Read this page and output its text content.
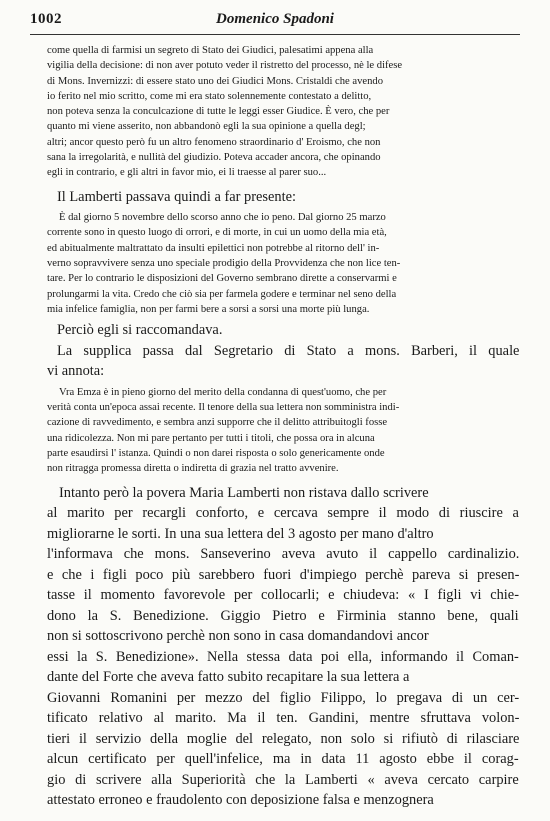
1002	Domenico Spadoni
come quella di farmisi un segreto di Stato dei Giudici, palesatimi appena alla
vigilia della decisione: di non aver potuto veder il ristretto del processo, nè le difese
di Mons. Invernizzi: di essere stato uno dei Giudici Mons. Cristaldi che avendo
io ferito nel mio scritto, come mi era stato solennemente contestato a delitto,
non poteva senza la conculcazione di tutte le leggi esser Giudice. È vero, che per
quanto mi viene asserito, non abbandonò egli la sua opinione a quella degl;
altri; ancor questo però fu un altro fenomeno straordinario d' Eroismo, che non
sana la irregolarità, e nullità del giudizio. Poteva accader ancora, che opinando
egli in contrario, e gli altri in favor mio, ei li traesse al parer suo...
Il Lamberti passava quindi a far presente:
È dal giorno 5 novembre dello scorso anno che io peno. Dal giorno 25 marzo
corrente sono in questo luogo di orrori, e di morte, in cui un uomo della mia età,
ed abitualmente maltrattato da insulti epilettici non potrebbe al ritorno dell' in-
verno sopravvivere senza uno speciale prodigio della Provvidenza che non lice ten-
tare. Per lo contrario le disposizioni del Governo sembrano dirette a conservarmi e
prolungarmi la vita. Credo che ciò sia per farmela godere e terminar nel seno della
mia infelice famiglia, non per farmi bere a sorsi a sorsi una morte più lunga.
Perciò egli si raccomandava.
La supplica passa dal Segretario di Stato a mons. Barberi, il quale
vi annota:
Vra Emza è in pieno giorno del merito della condanna di quest'uomo, che per
verità conta un'epoca assai recente. Il tenore della sua lettera non somministra indi-
cazione di ravvedimento, e sembra anzi supporre che il delitto attribuitogli fosse
una ridicolezza. Non mi pare pertanto per tutti i titoli, che possa ora in alcuna
parte esaudirsi l' istanza. Quindi o non darei risposta o solo genericamente onde
non ritragga promessa diretta o indiretta di grazia nel tratto avvenire.
Intanto però la povera Maria Lamberti non ristava dallo scrivere
al marito per recargli conforto, e cercava sempre il modo di riuscire a
migliorarne le sorti. In una sua lettera del 3 agosto per mano d'altro
l'informava che mons. Sanseverino aveva avuto il cappello cardinalizio.
e che i figli poco più sarebbero fuori d'impiego perchè pareva si presen-
tasse il momento favorevole per collocarli; e chiudeva: « I figli vi chie-
dono la S. Benedizione. Giggio Pietro e Firminia stanno bene, quali
non si sottoscrivono perchè non sono in casa domandandovi ancor
essi la S. Benedizione». Nella stessa data poi ella, informando il Coman-
dante del Forte che aveva fatto subito recapitare la sua lettera a
Giovanni Romanini per mezzo del figlio Filippo, lo pregava di un cer-
tificato relativo al marito. Ma il ten. Gandini, mentre sfruttava volon-
tieri il servizio della moglie del relegato, non solo si rifiutò di rilasciare
alcun certificato per quell'infelice, ma in data 11 agosto ebbe il corag-
gio di scrivere alla Superiorità che la Lamberti « aveva cercato carpire
attestato erroneo e fraudolento con deposizione falsa e menzognera
